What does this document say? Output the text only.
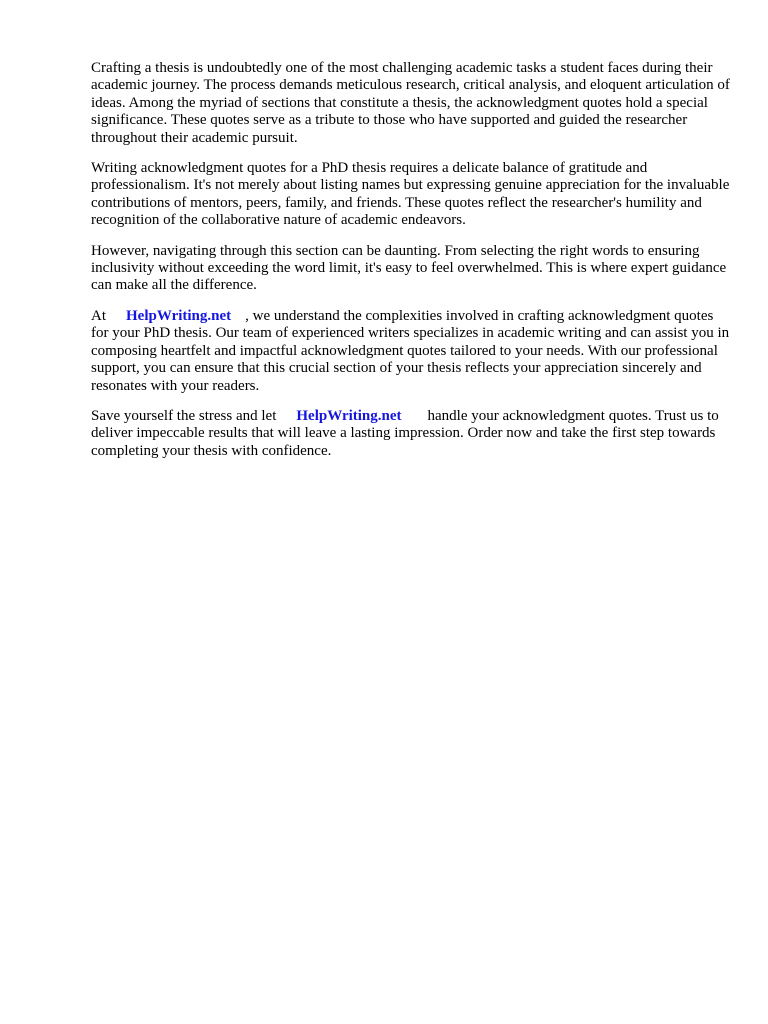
Crafting a thesis is undoubtedly one of the most challenging academic tasks a student faces during their academic journey. The process demands meticulous research, critical analysis, and eloquent articulation of ideas. Among the myriad of sections that constitute a thesis, the acknowledgment quotes hold a special significance. These quotes serve as a tribute to those who have supported and guided the researcher throughout their academic pursuit.

Writing acknowledgment quotes for a PhD thesis requires a delicate balance of gratitude and professionalism. It's not merely about listing names but expressing genuine appreciation for the invaluable contributions of mentors, peers, family, and friends. These quotes reflect the researcher's humility and recognition of the collaborative nature of academic endeavors.

However, navigating through this section can be daunting. From selecting the right words to ensuring inclusivity without exceeding the word limit, it's easy to feel overwhelmed. This is where expert guidance can make all the difference.

At HelpWriting.net , we understand the complexities involved in crafting acknowledgment quotes for your PhD thesis. Our team of experienced writers specializes in academic writing and can assist you in composing heartfelt and impactful acknowledgment quotes tailored to your needs. With our professional support, you can ensure that this crucial section of your thesis reflects your appreciation sincerely and resonates with your readers.

Save yourself the stress and let HelpWriting.net handle your acknowledgment quotes. Trust us to deliver impeccable results that will leave a lasting impression. Order now and take the first step towards completing your thesis with confidence.
